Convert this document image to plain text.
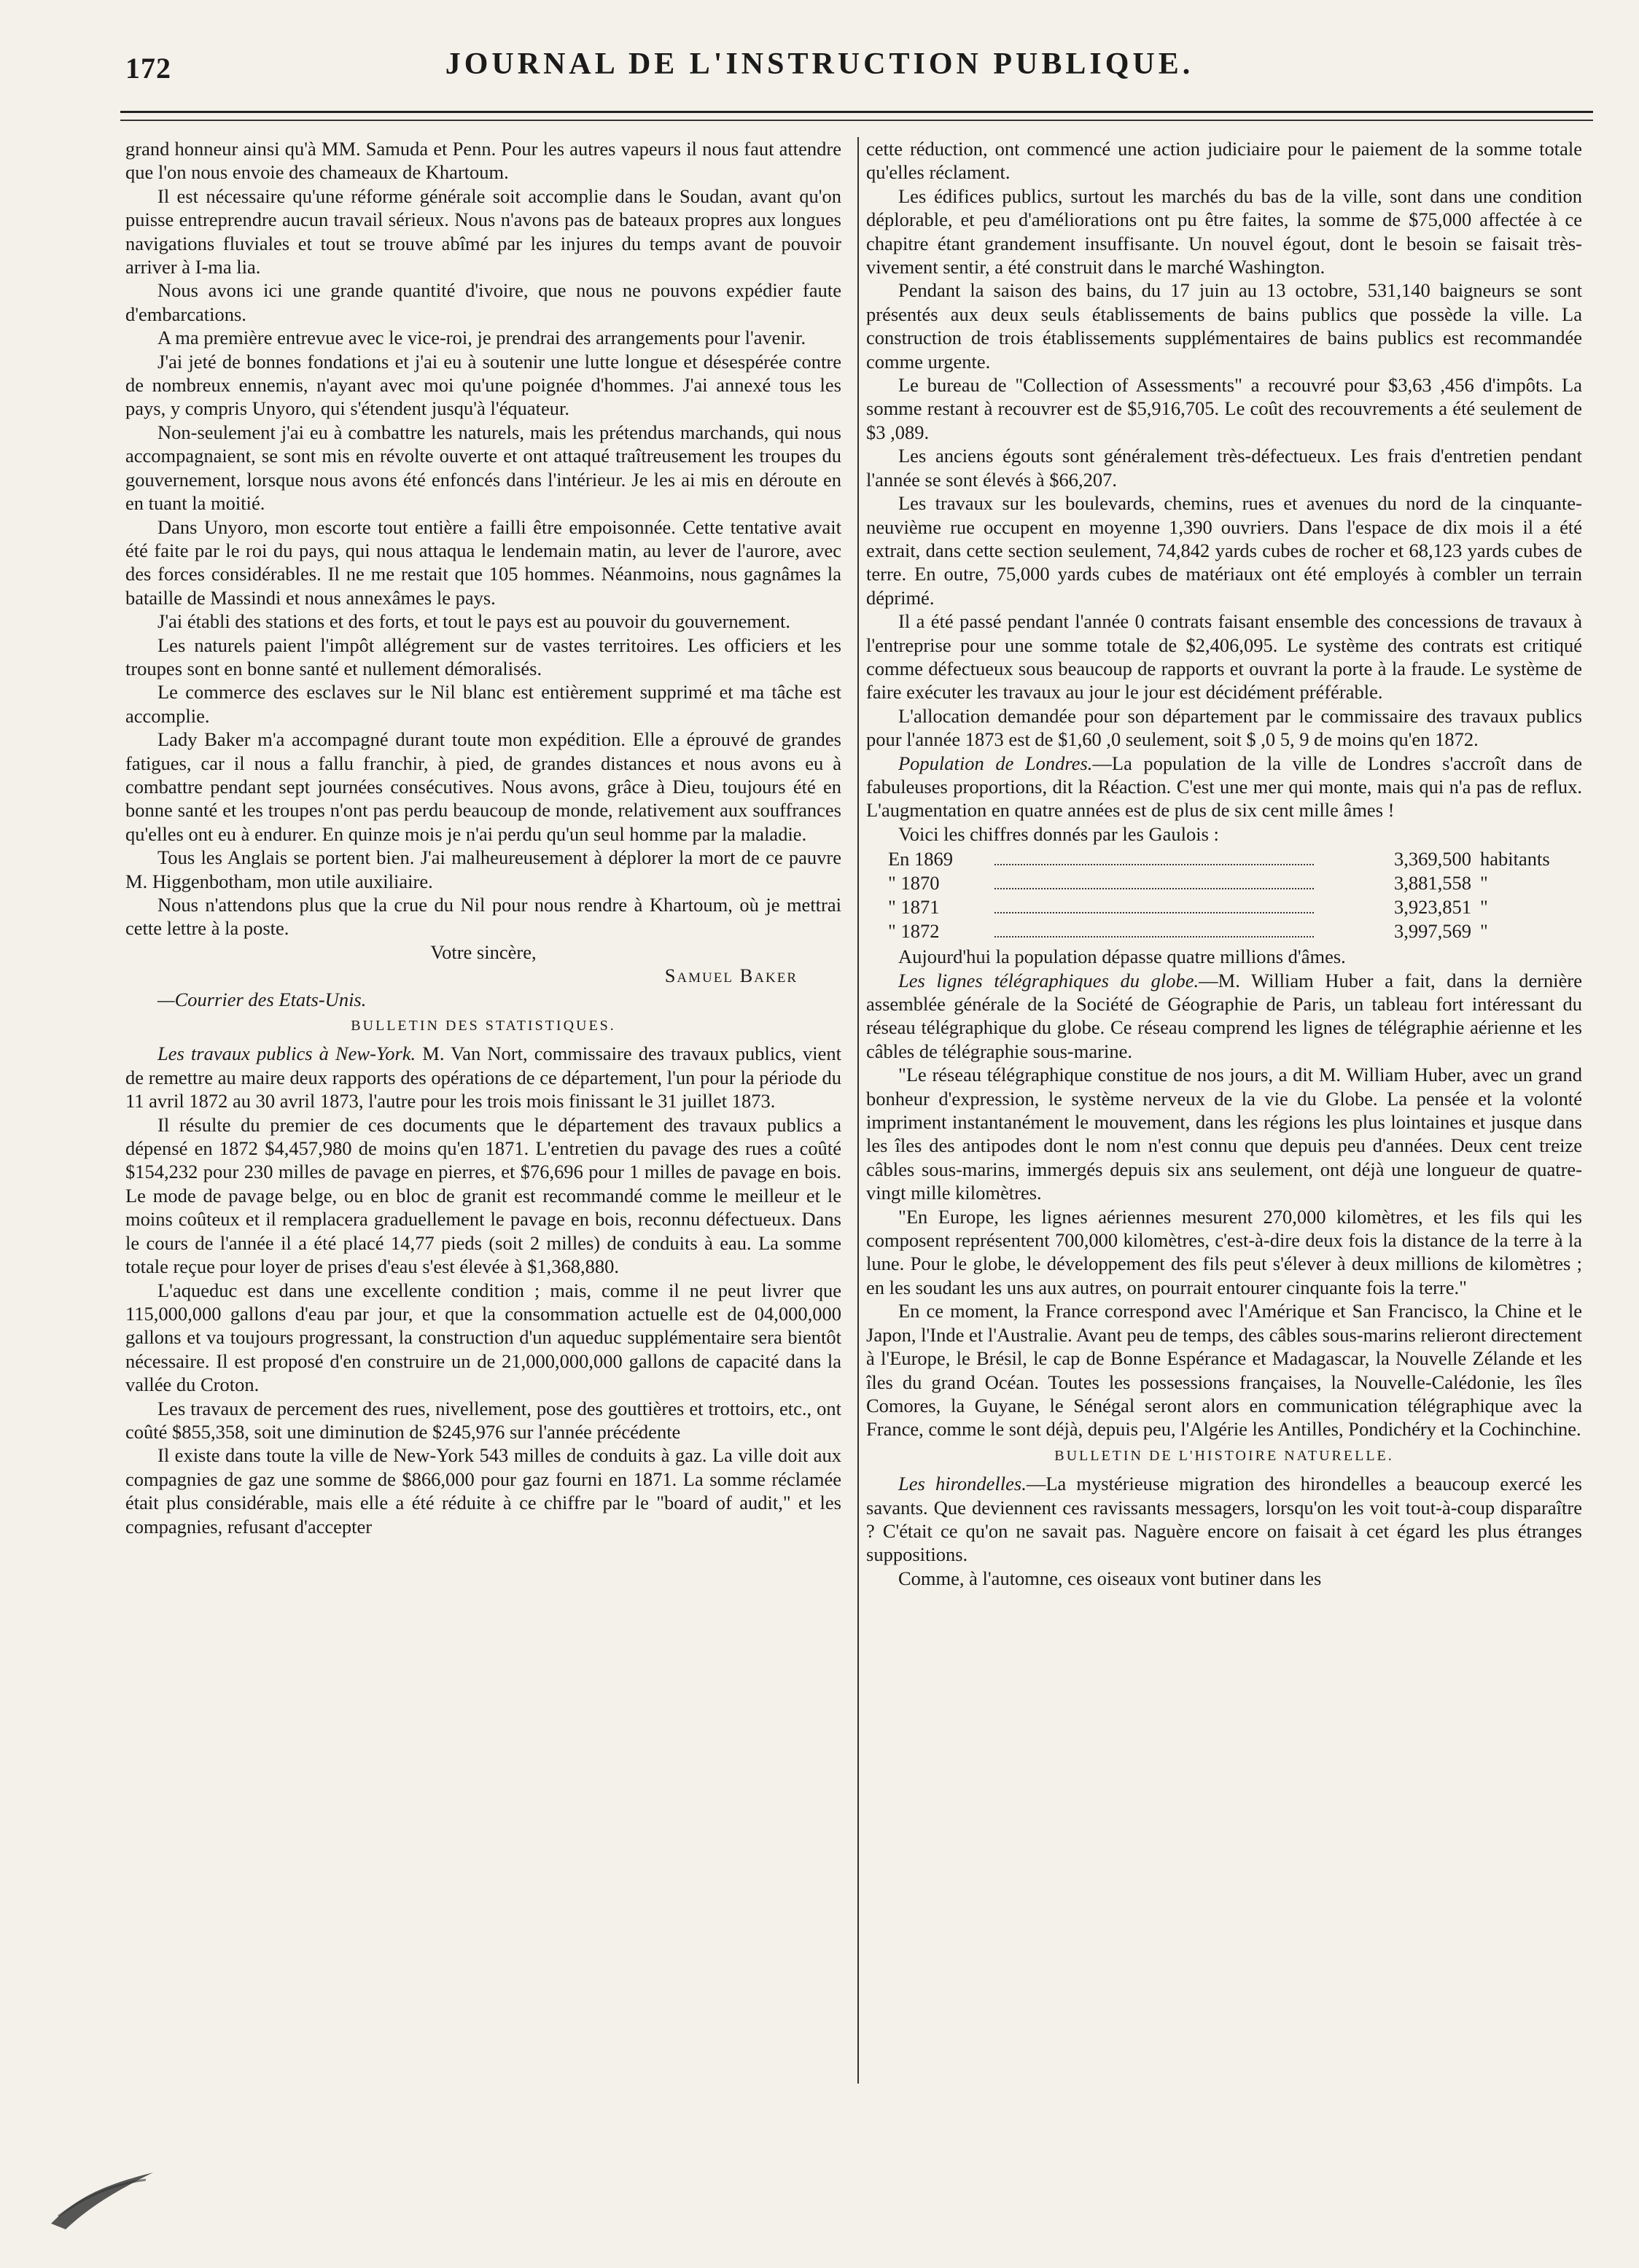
172	JOURNAL DE L'INSTRUCTION PUBLIQUE.

grand honneur ainsi qu'à MM. Samuda et Penn. Pour les autres vapeurs il nous faut attendre que l'on nous envoie des chameaux de Khartoum.

Il est nécessaire qu'une réforme générale soit accomplie dans le Soudan, avant qu'on puisse entreprendre aucun travail sérieux. Nous n'avons pas de bateaux propres aux longues navigations fluviales et tout se trouve abîmé par les injures du temps avant de pouvoir arriver à I-ma lia.

Nous avons ici une grande quantité d'ivoire, que nous ne pouvons expédier faute d'embarcations.

A ma première entrevue avec le vice-roi, je prendrai des arrangements pour l'avenir.

J'ai jeté de bonnes fondations et j'ai eu à soutenir une lutte longue et désespérée contre de nombreux ennemis, n'ayant avec moi qu'une poignée d'hommes. J'ai annexé tous les pays, y compris Unyoro, qui s'étendent jusqu'à l'équateur.

Non-seulement j'ai eu à combattre les naturels, mais les prétendus marchands, qui nous accompagnaient, se sont mis en révolte ouverte et ont attaqué traîtreusement les troupes du gouvernement, lorsque nous avons été enfoncés dans l'intérieur. Je les ai mis en déroute en en tuant la moitié.

Dans Unyoro, mon escorte tout entière a failli être empoisonnée. Cette tentative avait été faite par le roi du pays, qui nous attaqua le lendemain matin, au lever de l'aurore, avec des forces considérables. Il ne me restait que 105 hommes. Néanmoins, nous gagnâmes la bataille de Massindi et nous annexâmes le pays.

J'ai établi des stations et des forts, et tout le pays est au pouvoir du gouvernement.

Les naturels paient l'impôt allégrement sur de vastes territoires. Les officiers et les troupes sont en bonne santé et nullement démoralisés.

Le commerce des esclaves sur le Nil blanc est entièrement supprimé et ma tâche est accomplie.

Lady Baker m'a accompagné durant toute mon expédition. Elle a éprouvé de grandes fatigues, car il nous a fallu franchir, à pied, de grandes distances et nous avons eu à combattre pendant sept journées consécutives. Nous avons, grâce à Dieu, toujours été en bonne santé et les troupes n'ont pas perdu beaucoup de monde, relativement aux souffrances qu'elles ont eu à endurer. En quinze mois je n'ai perdu qu'un seul homme par la maladie.

Tous les Anglais se portent bien. J'ai malheureusement à déplorer la mort de ce pauvre M. Higgenbotham, mon utile auxiliaire.

Nous n'attendons plus que la crue du Nil pour nous rendre à Khartoum, où je mettrai cette lettre à la poste.

Votre sincère,

Samuel Baker

—Courrier des Etats-Unis.

BULLETIN DES STATISTIQUES.

Les travaux publics à New-York. M. Van Nort, commissaire des travaux publics, vient de remettre au maire deux rapports des opérations de ce département, l'un pour la période du 11 avril 1872 au 30 avril 1873, l'autre pour les trois mois finissant le 31 juillet 1873.

Il résulte du premier de ces documents que le département des travaux publics a dépensé en 1872 $4,457,980 de moins qu'en 1871. L'entretien du pavage des rues a coûté $154,232 pour 230 milles de pavage en pierres, et $76,696 pour 1 milles de pavage en bois. Le mode de pavage belge, ou en bloc de granit est recommandé comme le meilleur et le moins coûteux et il remplacera graduellement le pavage en bois, reconnu défectueux. Dans le cours de l'année il a été placé 14,77 pieds (soit 2 milles) de conduits à eau. La somme totale reçue pour loyer de prises d'eau s'est élevée à $1,368,880.

L'aqueduc est dans une excellente condition ; mais, comme il ne peut livrer que 115,000,000 gallons d'eau par jour, et que la consommation actuelle est de 04,000,000 gallons et va toujours progressant, la construction d'un aqueduc supplémentaire sera bientôt nécessaire. Il est proposé d'en construire un de 21,000,000,000 gallons de capacité dans la vallée du Croton.

Les travaux de percement des rues, nivellement, pose des gouttières et trottoirs, etc., ont coûté $855,358, soit une diminution de $245,976 sur l'année précédente

Il existe dans toute la ville de New-York 543 milles de conduits à gaz. La ville doit aux compagnies de gaz une somme de $866,000 pour gaz fourni en 1871. La somme réclamée était plus considérable, mais elle a été réduite à ce chiffre par le "board of audit," et les compagnies, refusant d'accepter

cette réduction, ont commencé une action judiciaire pour le paiement de la somme totale qu'elles réclament.

Les édifices publics, surtout les marchés du bas de la ville, sont dans une condition déplorable, et peu d'améliorations ont pu être faites, la somme de $75,000 affectée à ce chapitre étant grandement insuffisante. Un nouvel égout, dont le besoin se faisait très-vivement sentir, a été construit dans le marché Washington.

Pendant la saison des bains, du 17 juin au 13 octobre, 531,140 baigneurs se sont présentés aux deux seuls établissements de bains publics que possède la ville. La construction de trois établissements supplémentaires de bains publics est recommandée comme urgente.

Le bureau de "Collection of Assessments" a recouvré pour $3,63 ,456 d'impôts. La somme restant à recouvrer est de $5,916,705. Le coût des recouvrements a été seulement de $3 ,089.

Les anciens égouts sont généralement très-défectueux. Les frais d'entretien pendant l'année se sont élevés à $66,207.

Les travaux sur les boulevards, chemins, rues et avenues du nord de la cinquante-neuvième rue occupent en moyenne 1,390 ouvriers. Dans l'espace de dix mois il a été extrait, dans cette section seulement, 74,842 yards cubes de rocher et 68,123 yards cubes de terre. En outre, 75,000 yards cubes de matériaux ont été employés à combler un terrain déprimé.

Il a été passé pendant l'année 0 contrats faisant ensemble des concessions de travaux à l'entreprise pour une somme totale de $2,406,095. Le système des contrats est critiqué comme défectueux sous beaucoup de rapports et ouvrant la porte à la fraude. Le système de faire exécuter les travaux au jour le jour est décidément préférable.

L'allocation demandée pour son département par le commissaire des travaux publics pour l'année 1873 est de $1,60 ,0 seulement, soit $ ,0 5, 9 de moins qu'en 1872.

Population de Londres.—La population de la ville de Londres s'accroît dans de fabuleuses proportions, dit la Réaction. C'est une mer qui monte, mais qui n'a pas de reflux. L'augmentation en quatre années est de plus de six cent mille âmes !

Voici les chiffres donnés par les Gaulois :

En 1869	3,369,500 habitants
" 1870	3,881,558 "
" 1871	3,923,851 "
" 1872	3,997,569 "

Aujourd'hui la population dépasse quatre millions d'âmes.

Les lignes télégraphiques du globe.—M. William Huber a fait, dans la dernière assemblée générale de la Société de Géographie de Paris, un tableau fort intéressant du réseau télégraphique du globe. Ce réseau comprend les lignes de télégraphie aérienne et les câbles de télégraphie sous-marine.

"Le réseau télégraphique constitue de nos jours, a dit M. William Huber, avec un grand bonheur d'expression, le système nerveux de la vie du Globe. La pensée et la volonté impriment instantanément le mouvement, dans les régions les plus lointaines et jusque dans les îles des antipodes dont le nom n'est connu que depuis peu d'années. Deux cent treize câbles sous-marins, immergés depuis six ans seulement, ont déjà une longueur de quatre-vingt mille kilomètres.

"En Europe, les lignes aériennes mesurent 270,000 kilomètres, et les fils qui les composent représentent 700,000 kilomètres, c'est-à-dire deux fois la distance de la terre à la lune. Pour le globe, le développement des fils peut s'élever à deux millions de kilomètres ; en les soudant les uns aux autres, on pourrait entourer cinquante fois la terre."

En ce moment, la France correspond avec l'Amérique et San Francisco, la Chine et le Japon, l'Inde et l'Australie. Avant peu de temps, des câbles sous-marins relieront directement à l'Europe, le Brésil, le cap de Bonne Espérance et Madagascar, la Nouvelle Zélande et les îles du grand Océan. Toutes les possessions françaises, la Nouvelle-Calédonie, les îles Comores, la Guyane, le Sénégal seront alors en communication télégraphique avec la France, comme le sont déjà, depuis peu, l'Algérie les Antilles, Pondichéry et la Cochinchine.

BULLETIN DE L'HISTOIRE NATURELLE.

Les hirondelles.—La mystérieuse migration des hirondelles a beaucoup exercé les savants. Que deviennent ces ravissants messagers, lorsqu'on les voit tout-à-coup disparaître ? C'était ce qu'on ne savait pas. Naguère encore on faisait à cet égard les plus étranges suppositions.

Comme, à l'automne, ces oiseaux vont butiner dans les
